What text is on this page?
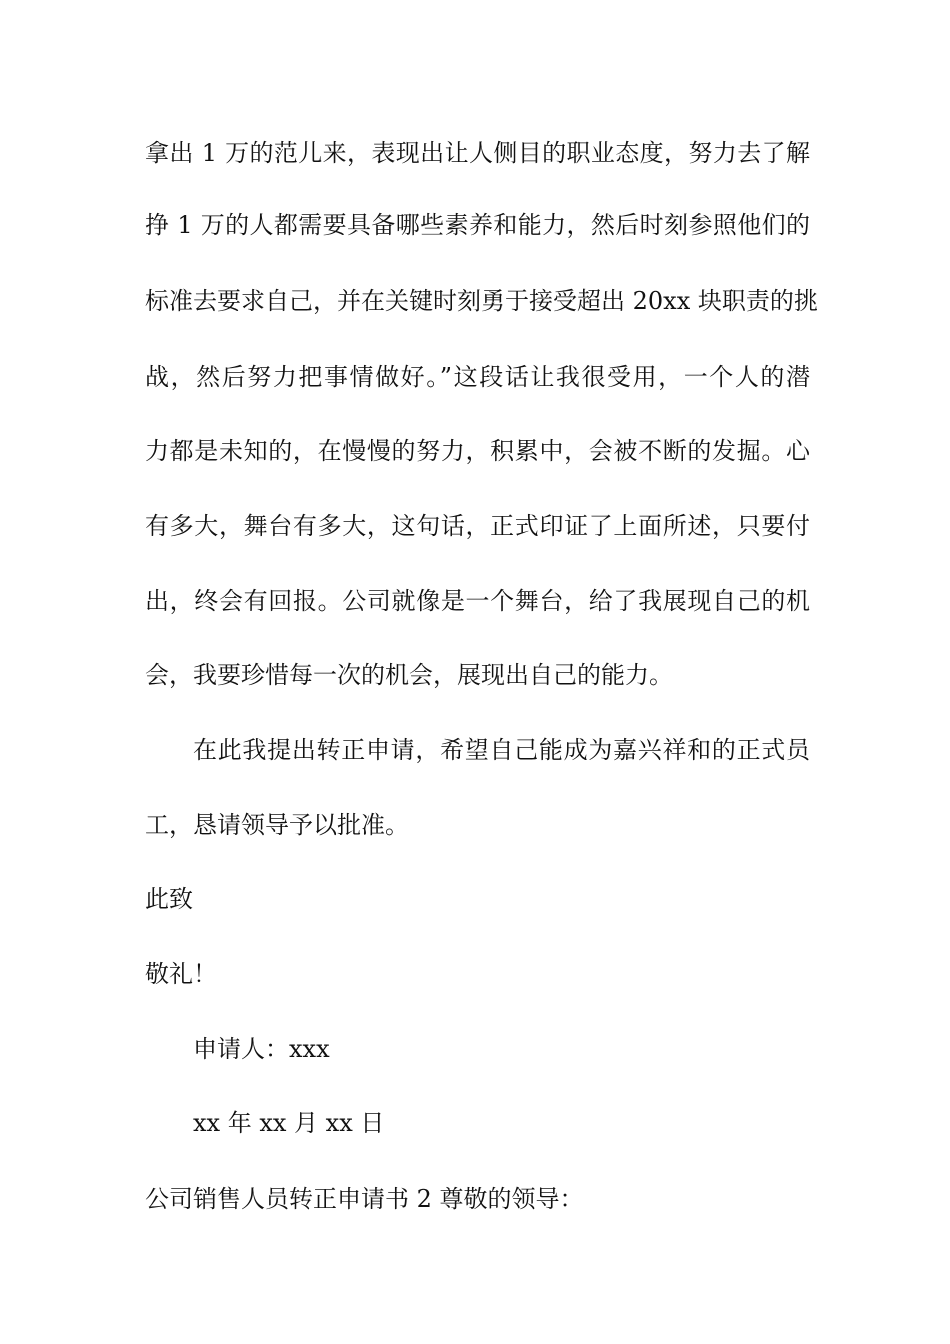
拿出 1 万的范儿来，表现出让人侧目的职业态度，努力去了解
挣 1 万的人都需要具备哪些素养和能力，然后时刻参照他们的
标准去要求自己，并在关键时刻勇于接受超出 20xx 块职责的挑
战，然后努力把事情做好。”这段话让我很受用，一个人的潜
力都是未知的，在慢慢的努力，积累中，会被不断的发掘。心
有多大，舞台有多大，这句话，正式印证了上面所述，只要付
出，终会有回报。公司就像是一个舞台，给了我展现自己的机
会，我要珍惜每一次的机会，展现出自己的能力。
在此我提出转正申请，希望自己能成为嘉兴祥和的正式员
工，恳请领导予以批准。
此致
敬礼！
申请人：xxx
xx 年 xx 月 xx 日
公司销售人员转正申请书 2 尊敬的领导：
